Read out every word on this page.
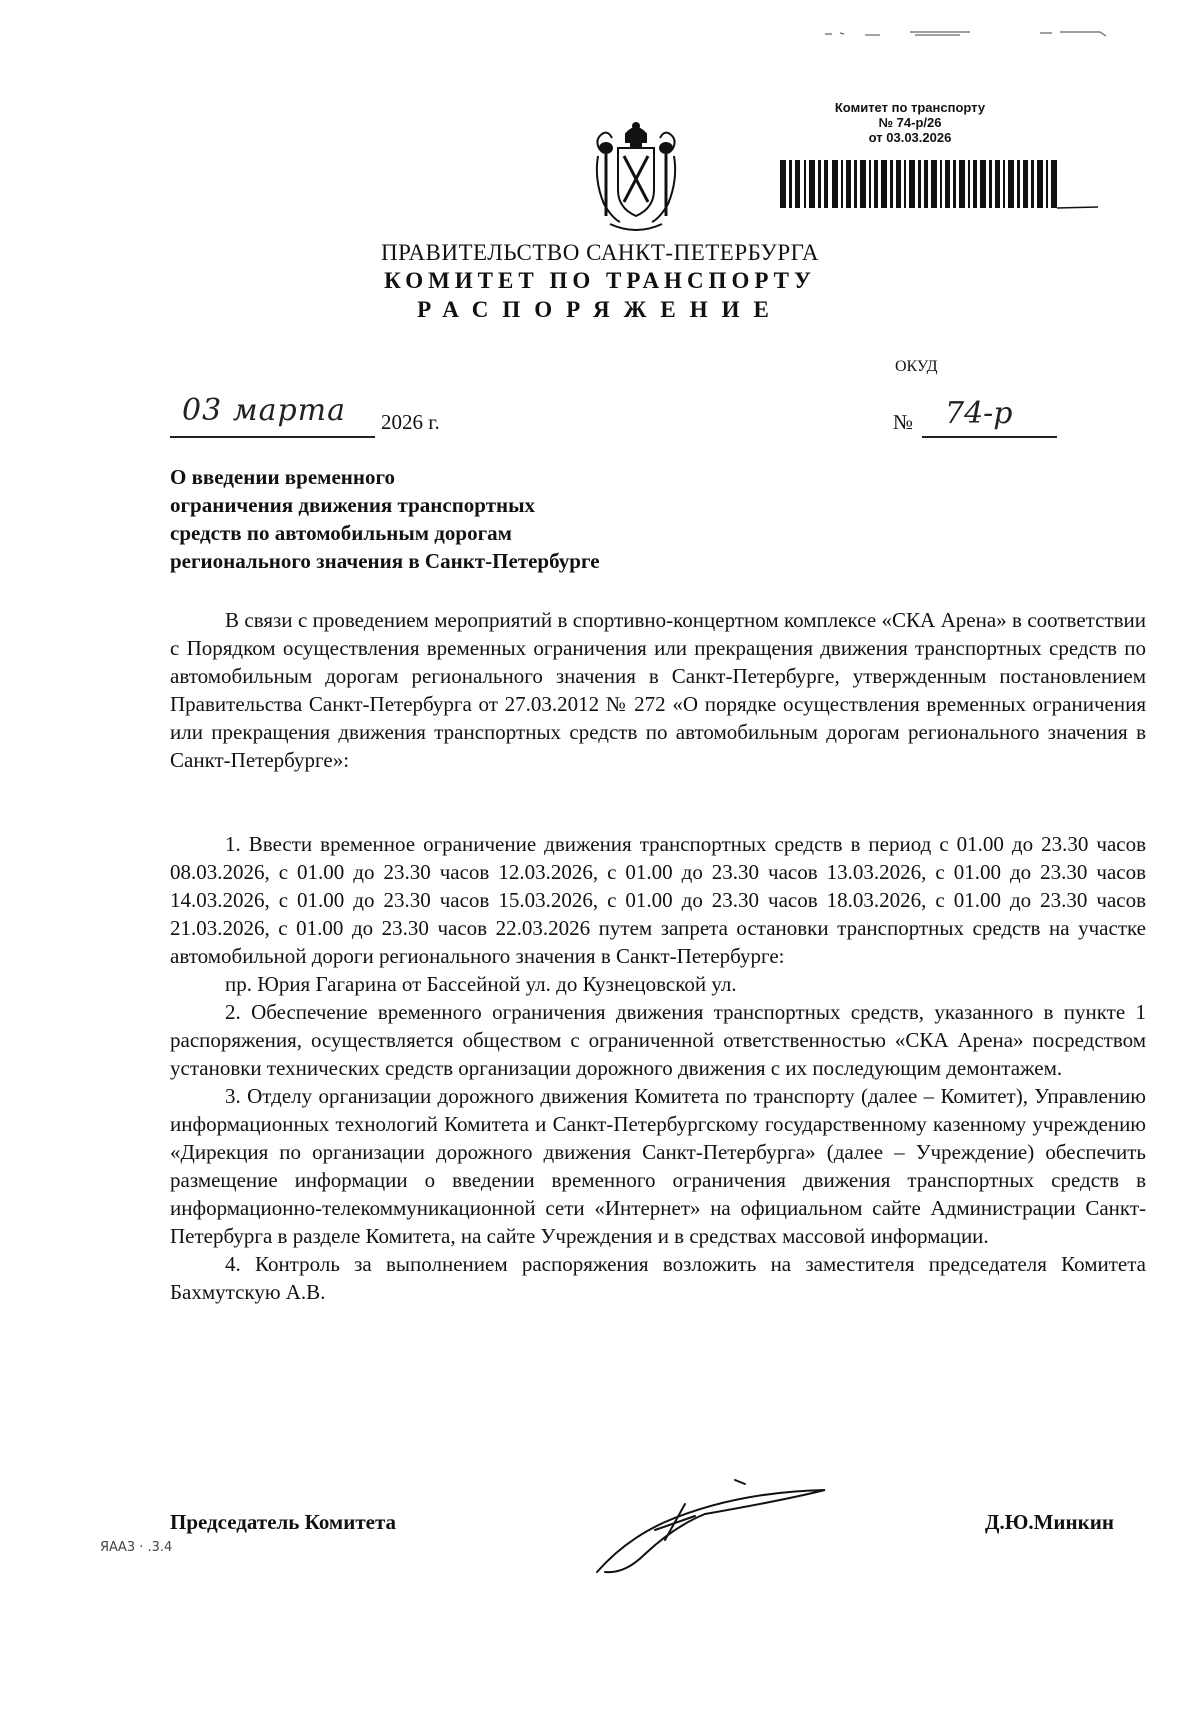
Комитет по транспорту
№ 74-р/26
от 03.03.2026
ПРАВИТЕЛЬСТВО САНКТ-ПЕТЕРБУРГА
КОМИТЕТ ПО ТРАНСПОРТУ
РАСПОРЯЖЕНИЕ
ОКУД
03 марта 2026 г.	№ 74-р
О введении временного
ограничения движения транспортных
средств по автомобильным дорогам
регионального значения в Санкт-Петербурге

В связи с проведением мероприятий в спортивно-концертном комплексе «СКА Арена» в соответствии с Порядком осуществления временных ограничения или прекращения движения транспортных средств по автомобильным дорогам регионального значения в Санкт-Петербурге, утвержденным постановлением Правительства Санкт-Петербурга от 27.03.2012 № 272 «О порядке осуществления временных ограничения или прекращения движения транспортных средств по автомобильным дорогам регионального значения в Санкт-Петербурге»:

1. Ввести временное ограничение движения транспортных средств в период с 01.00 до 23.30 часов 08.03.2026, с 01.00 до 23.30 часов 12.03.2026, с 01.00 до 23.30 часов 13.03.2026, с 01.00 до 23.30 часов 14.03.2026, с 01.00 до 23.30 часов 15.03.2026, с 01.00 до 23.30 часов 18.03.2026, с 01.00 до 23.30 часов 21.03.2026, с 01.00 до 23.30 часов 22.03.2026 путем запрета остановки транспортных средств на участке автомобильной дороги регионального значения в Санкт-Петербурге:

пр. Юрия Гагарина от Бассейной ул. до Кузнецовской ул.

2. Обеспечение временного ограничения движения транспортных средств, указанного в пункте 1 распоряжения, осуществляется обществом с ограниченной ответственностью «СКА Арена» посредством установки технических средств организации дорожного движения с их последующим демонтажем.

3. Отделу организации дорожного движения Комитета по транспорту (далее – Комитет), Управлению информационных технологий Комитета и Санкт-Петербургскому государственному казенному учреждению «Дирекция по организации дорожного движения Санкт-Петербурга» (далее – Учреждение) обеспечить размещение информации о введении временного ограничения движения транспортных средств в информационно-телекоммуникационной сети «Интернет» на официальном сайте Администрации Санкт-Петербурга в разделе Комитета, на сайте Учреждения и в средствах массовой информации.

4. Контроль за выполнением распоряжения возложить на заместителя председателя Комитета Бахмутскую А.В.

Председатель Комитета	Д.Ю.Минкин
ЯАА3 · .3.4
